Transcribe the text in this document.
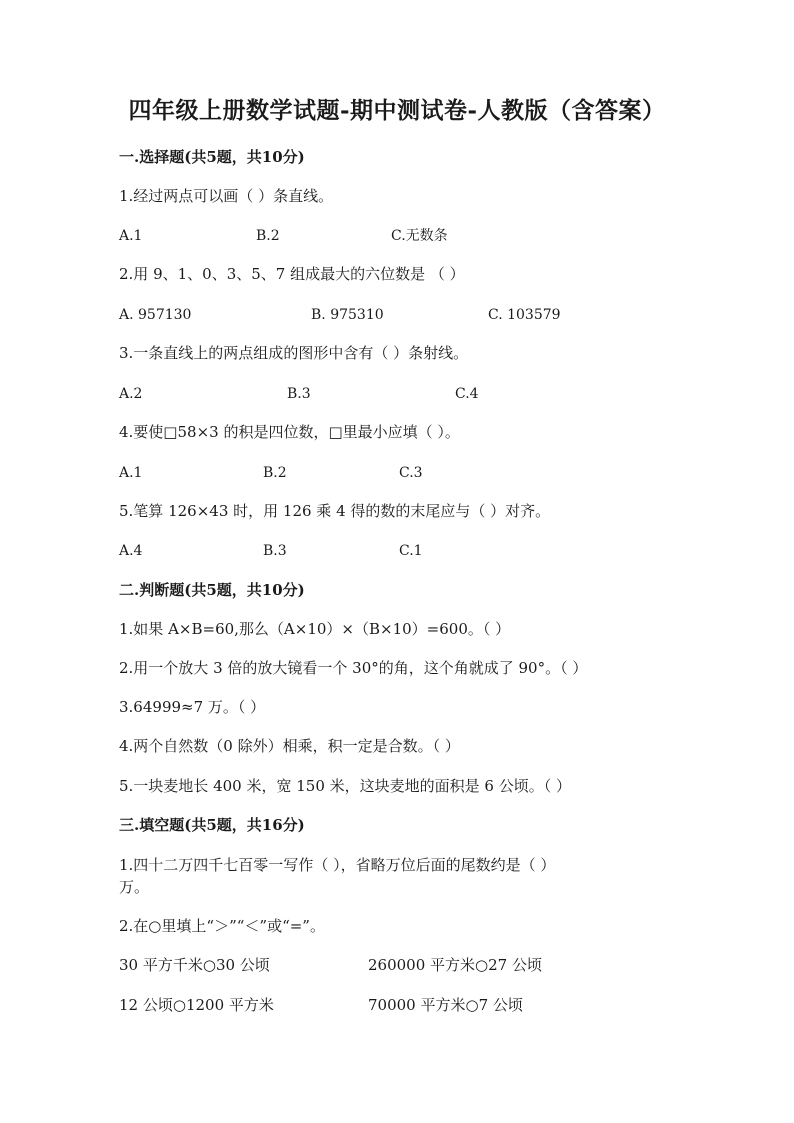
四年级上册数学试题-期中测试卷-人教版（含答案）
一.选择题(共5题，共10分)
1.经过两点可以画（ ）条直线。
A.1	B.2	C.无数条
2.用 9、1、0、3、5、7 组成最大的六位数是 （ ）
A. 957130	B. 975310	C. 103579
3.一条直线上的两点组成的图形中含有（ ）条射线。
A.2	B.3	C.4
4.要使□58×3 的积是四位数，□里最小应填（ ）。
A.1	B.2	C.3
5.笔算 126×43 时，用 126 乘 4 得的数的末尾应与（ ）对齐。
A.4	B.3	C.1
二.判断题(共5题，共10分)
1.如果 A×B=60,那么（A×10）×（B×10）=600。（ ）
2.用一个放大 3 倍的放大镜看一个 30°的角，这个角就成了 90°。（ ）
3.64999≈7 万。（ ）
4.两个自然数（0 除外）相乘，积一定是合数。（ ）
5.一块麦地长 400 米，宽 150 米，这块麦地的面积是 6 公顷。（ ）
三.填空题(共5题，共16分)
1.四十二万四千七百零一写作（ ），省略万位后面的尾数约是（ ）
万。
2.在○里填上“＞”“＜”或“=”。
30 平方千米○30 公顷	260000 平方米○27 公顷
12 公顷○1200 平方米	70000 平方米○7 公顷
